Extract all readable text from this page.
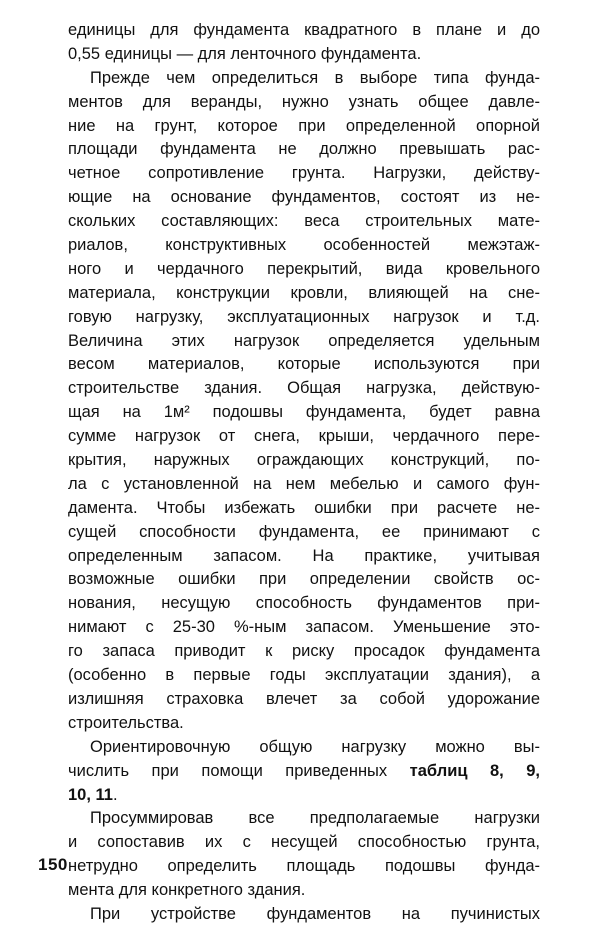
единицы для фундамента квадратного в плане и до
0,55 единицы — для ленточного фундамента.
Прежде чем определиться в выборе типа фунда-
ментов для веранды, нужно узнать общее давле-
ние на грунт, которое при определенной опорной
площади фундамента не должно превышать рас-
четное сопротивление грунта. Нагрузки, действу-
ющие на основание фундаментов, состоят из не-
скольких составляющих: веса строительных мате-
риалов, конструктивных особенностей межэтаж-
ного и чердачного перекрытий, вида кровельного
материала, конструкции кровли, влияющей на сне-
говую нагрузку, эксплуатационных нагрузок и т.д.
Величина этих нагрузок определяется удельным
весом материалов, которые используются при
строительстве здания. Общая нагрузка, действую-
щая на 1м² подошвы фундамента, будет равна
сумме нагрузок от снега, крыши, чердачного пере-
крытия, наружных ограждающих конструкций, по-
ла с установленной на нем мебелью и самого фун-
дамента. Чтобы избежать ошибки при расчете не-
сущей способности фундамента, ее принимают с
определенным запасом. На практике, учитывая
возможные ошибки при определении свойств ос-
нования, несущую способность фундаментов при-
нимают с 25-30 %-ным запасом. Уменьшение это-
го запаса приводит к риску просадок фундамента
(особенно в первые годы эксплуатации здания), а
излишняя страховка влечет за собой удорожание
строительства.
Ориентировочную общую нагрузку можно вы-
числить при помощи приведенных таблиц 8, 9,
10, 11.
Просуммировав все предполагаемые нагрузки
и сопоставив их с несущей способностью грунта,
нетрудно определить площадь подошвы фунда-
мента для конкретного здания.
При устройстве фундаментов на пучинистых
150
